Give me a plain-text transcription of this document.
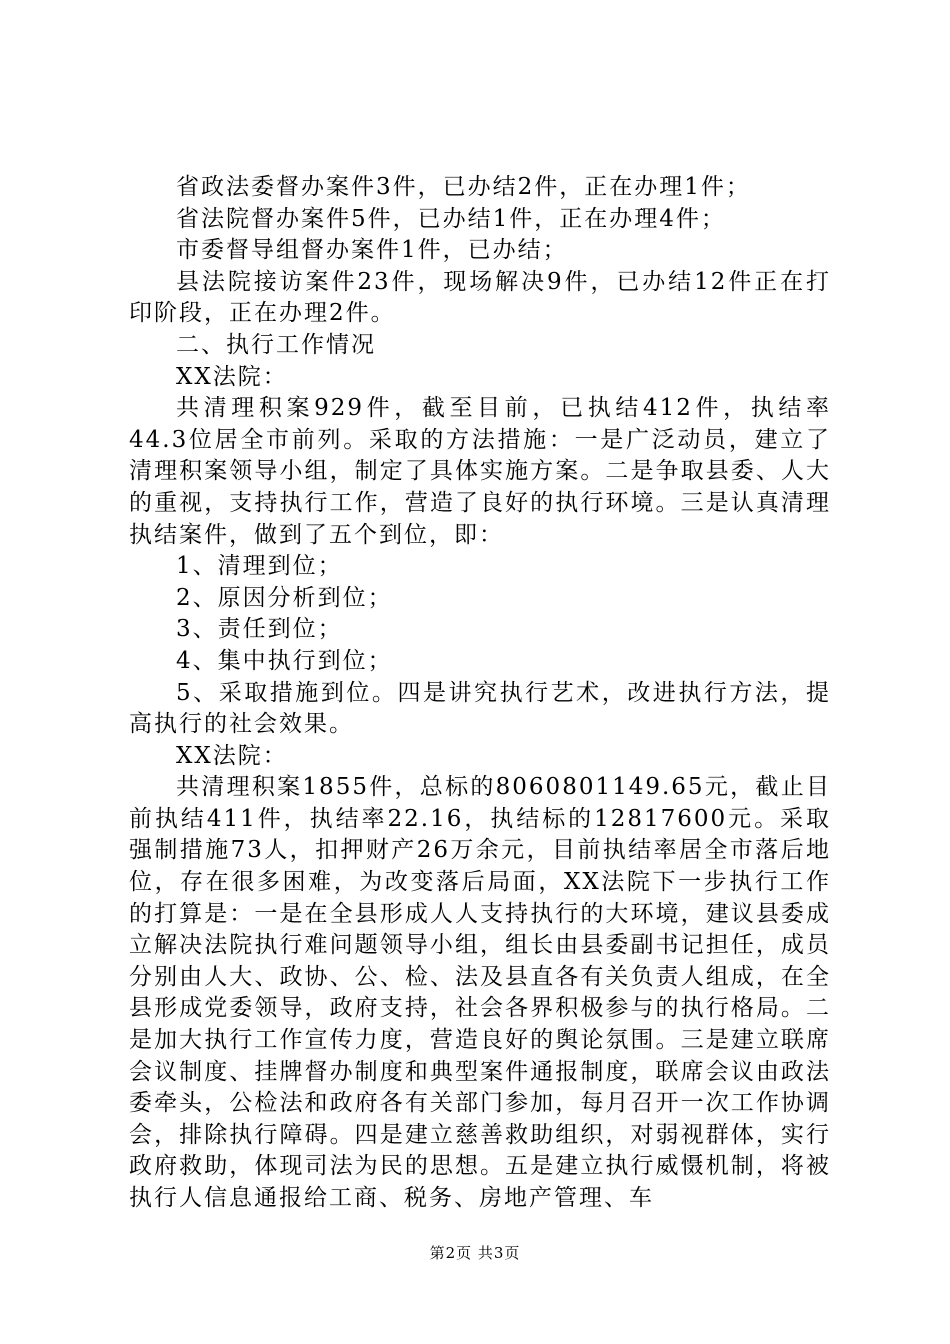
省政法委督办案件3件，已办结2件，正在办理1件；

省法院督办案件5件，已办结1件，正在办理4件；

市委督导组督办案件1件，已办结；

县法院接访案件23件，现场解决9件，已办结12件正在打印阶段，正在办理2件。

二、执行工作情况

XX法院：

共清理积案929件，截至目前，已执结412件，执结率44.3位居全市前列。采取的方法措施：一是广泛动员，建立了清理积案领导小组，制定了具体实施方案。二是争取县委、人大的重视，支持执行工作，营造了良好的执行环境。三是认真清理执结案件，做到了五个到位，即：

1、清理到位；

2、原因分析到位；

3、责任到位；

4、集中执行到位；

5、采取措施到位。四是讲究执行艺术，改进执行方法，提高执行的社会效果。

XX法院：

共清理积案1855件，总标的8060801149.65元，截止目前执结411件，执结率22.16，执结标的12817600元。采取强制措施73人，扣押财产26万余元，目前执结率居全市落后地位，存在很多困难，为改变落后局面，XX法院下一步执行工作的打算是：一是在全县形成人人支持执行的大环境，建议县委成立解决法院执行难问题领导小组，组长由县委副书记担任，成员分别由人大、政协、公、检、法及县直各有关负责人组成，在全县形成党委领导，政府支持，社会各界积极参与的执行格局。二是加大执行工作宣传力度，营造良好的舆论氛围。三是建立联席会议制度、挂牌督办制度和典型案件通报制度，联席会议由政法委牵头，公检法和政府各有关部门参加，每月召开一次工作协调会，排除执行障碍。四是建立慈善救助组织，对弱视群体，实行政府救助，体现司法为民的思想。五是建立执行威慑机制，将被执行人信息通报给工商、税务、房地产管理、车

第2页 共3页
